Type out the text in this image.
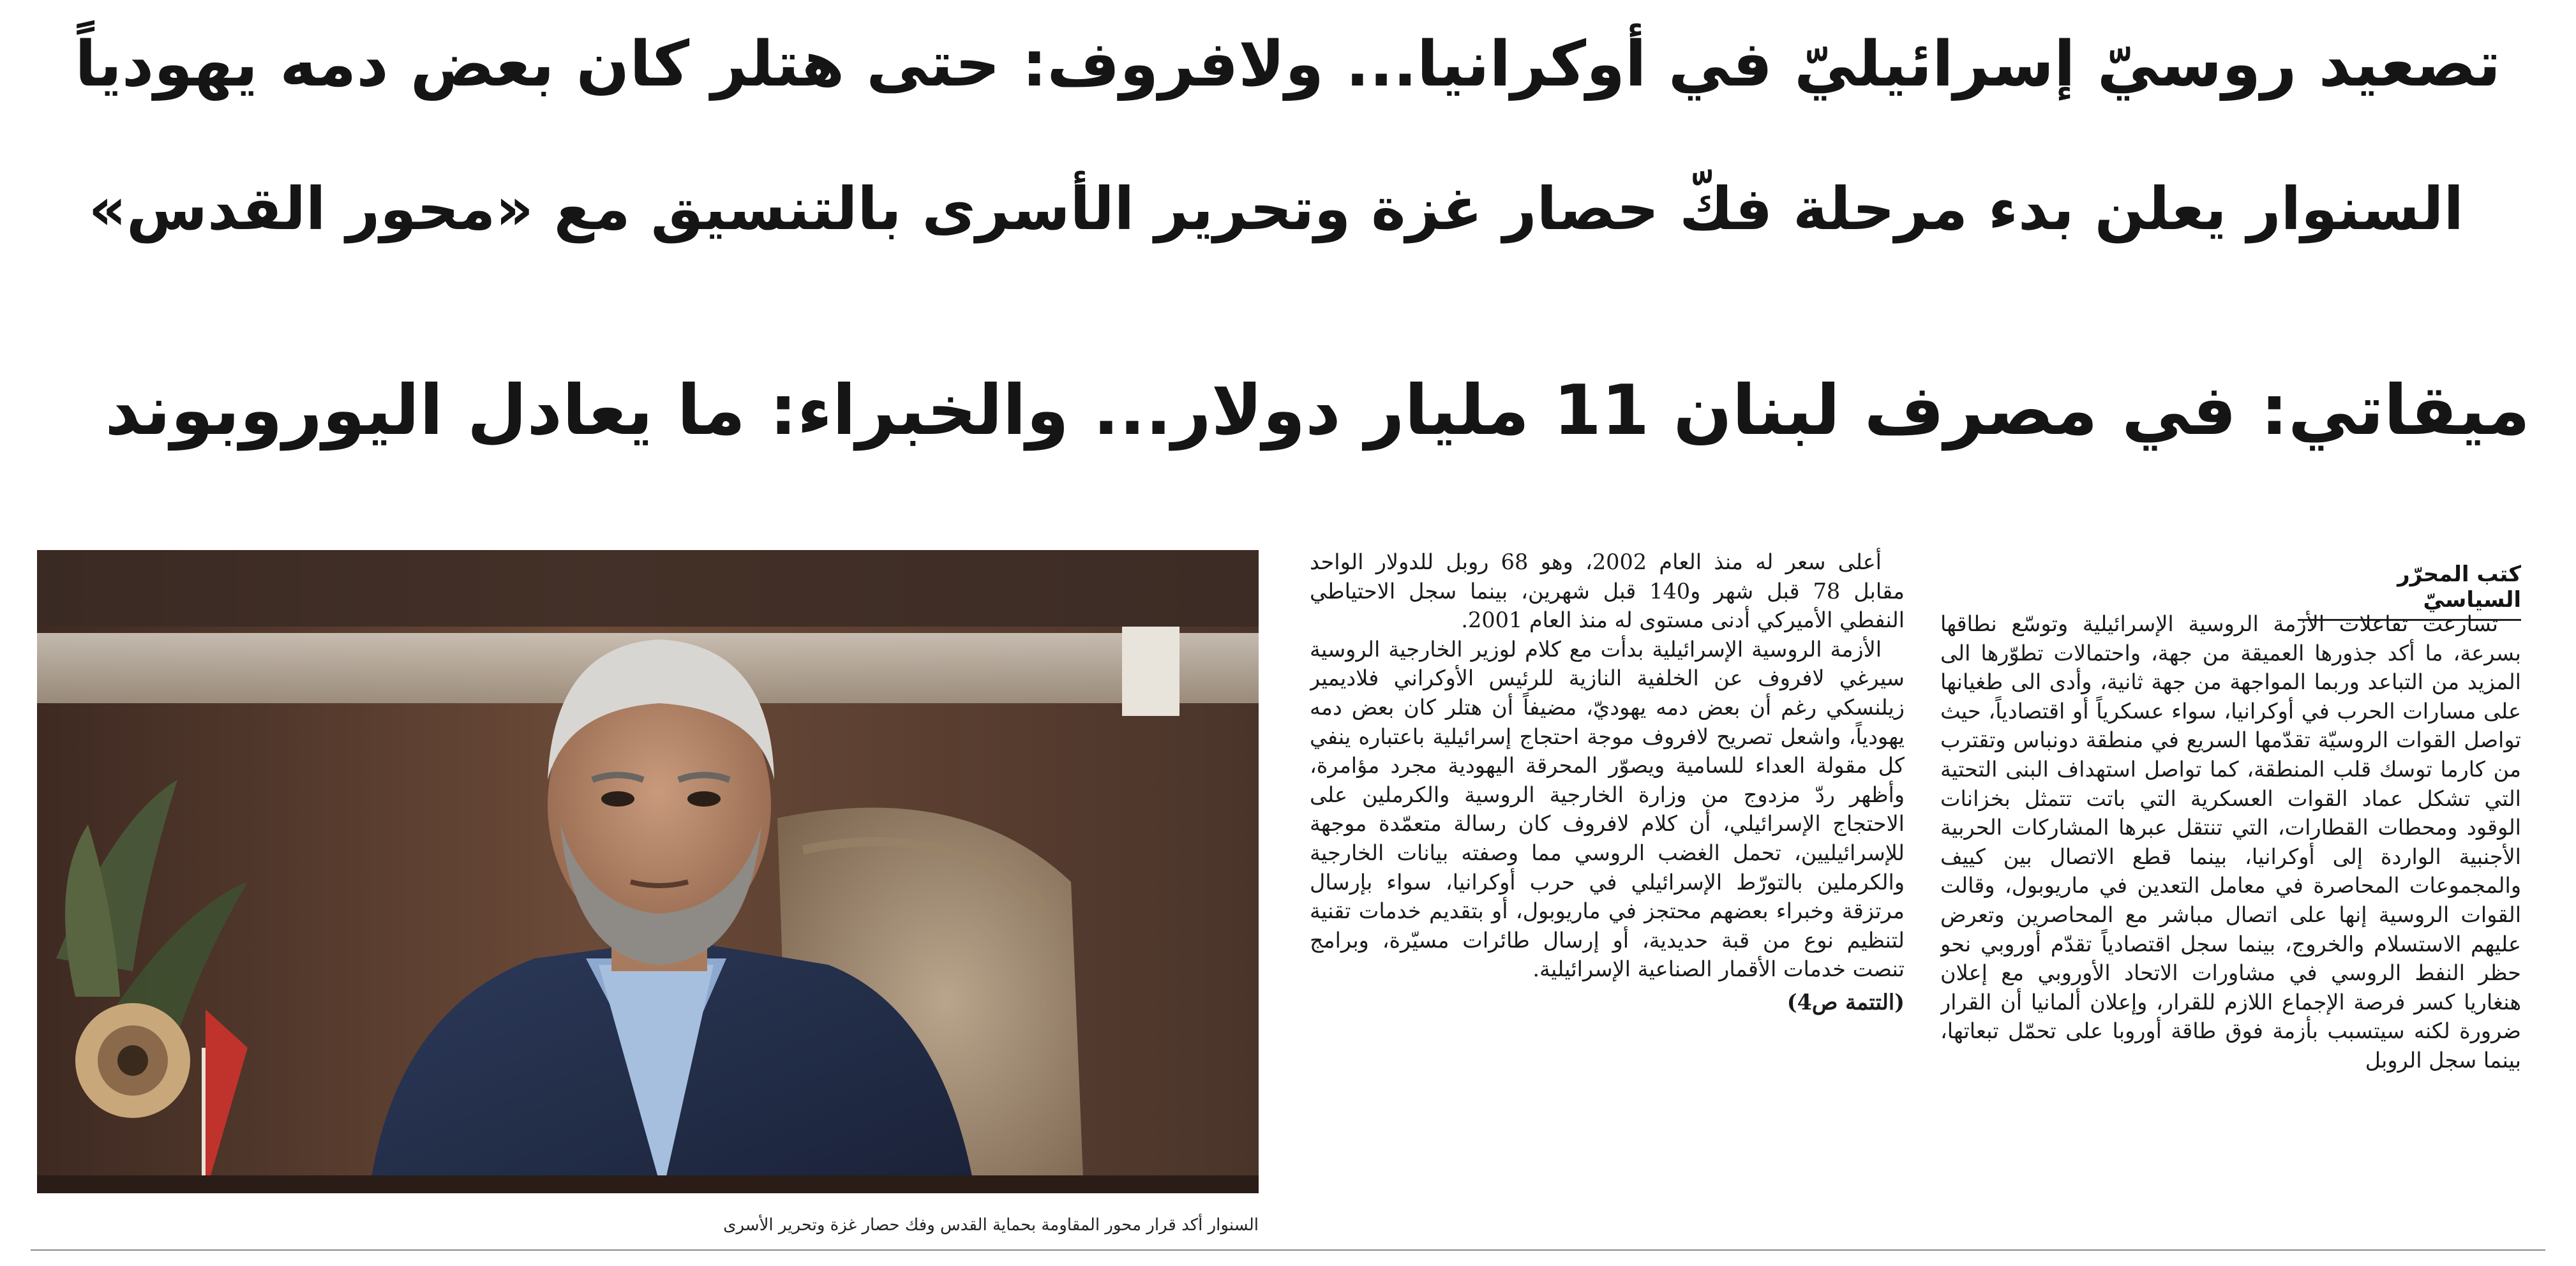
تصعيد روسيّ إسرائيليّ في أوكرانيا... ولافروف: حتى هتلر كان بعض دمه يهودياً
السنوار يعلن بدء مرحلة فكّ حصار غزة وتحرير الأسرى بالتنسيق مع «محور القدس»
ميقاتي: في مصرف لبنان 11 مليار دولار... والخبراء: ما يعادل اليوروبوند
كتب المحرّر السياسيّ

تسارعت تفاعلات الأزمة الروسية الإسرائيلية وتوسّع نطاقها بسرعة، ما أكد جذورها العميقة من جهة، واحتمالات تطوّرها الى المزيد من التباعد وربما المواجهة من جهة ثانية، وأدى الى طغيانها على مسارات الحرب في أوكرانيا، سواء عسكرياً أو اقتصادياً، حيث تواصل القوات الروسيّة تقدّمها السريع في منطقة دونباس وتقترب من كارما توسك قلب المنطقة، كما تواصل استهداف البنى التحتية التي تشكل عماد القوات العسكرية التي باتت تتمثل بخزانات الوقود ومحطات القطارات، التي تنتقل عبرها المشاركات الحربية الأجنبية الواردة إلى أوكرانيا، بينما قطع الاتصال بين كييف والمجموعات المحاصرة في معامل التعدين في ماريوبول، وقالت القوات الروسية إنها على اتصال مباشر مع المحاصرين وتعرض عليهم الاستسلام والخروج، بينما سجل اقتصادياً تقدّم أوروبي نحو حظر النفط الروسي في مشاورات الاتحاد الأوروبي مع إعلان هنغاريا كسر فرصة الإجماع اللازم للقرار، وإعلان ألمانيا أن القرار ضرورة لكنه سيتسبب بأزمة فوق طاقة أوروبا على تحمّل تبعاتها، بينما سجل الروبل

أعلى سعر له منذ العام 2002، وهو 68 روبل للدولار الواحد مقابل 78 قبل شهر و140 قبل شهرين، بينما سجل الاحتياطي النفطي الأميركي أدنى مستوى له منذ العام 2001.

الأزمة الروسية الإسرائيلية بدأت مع كلام لوزير الخارجية الروسية سيرغي لافروف عن الخلفية النازية للرئيس الأوكراني فلاديمير زيلنسكي رغم أن بعض دمه يهوديّ، مضيفاً أن هتلر كان بعض دمه يهودياً، واشعل تصريح لافروف موجة احتجاج إسرائيلية باعتباره ينفي كل مقولة العداء للسامية ويصوّر المحرقة اليهودية مجرد مؤامرة، وأظهر ردّ مزدوج من وزارة الخارجية الروسية والكرملين على الاحتجاج الإسرائيلي، أن كلام لافروف كان رسالة متعمّدة موجهة للإسرائيليين، تحمل الغضب الروسي مما وصفته بيانات الخارجية والكرملين بالتورّط الإسرائيلي في حرب أوكرانيا، سواء بإرسال مرتزقة وخبراء بعضهم محتجز في ماريوبول، أو بتقديم خدمات تقنية لتنظيم نوع من قبة حديدية، أو إرسال طائرات مسيّرة، وبرامج تنصت خدمات الأقمار الصناعية الإسرائيلية.

(التتمة ص4)

السنوار أكد قرار محور المقاومة بحماية القدس وفك حصار غزة وتحرير الأسرى
